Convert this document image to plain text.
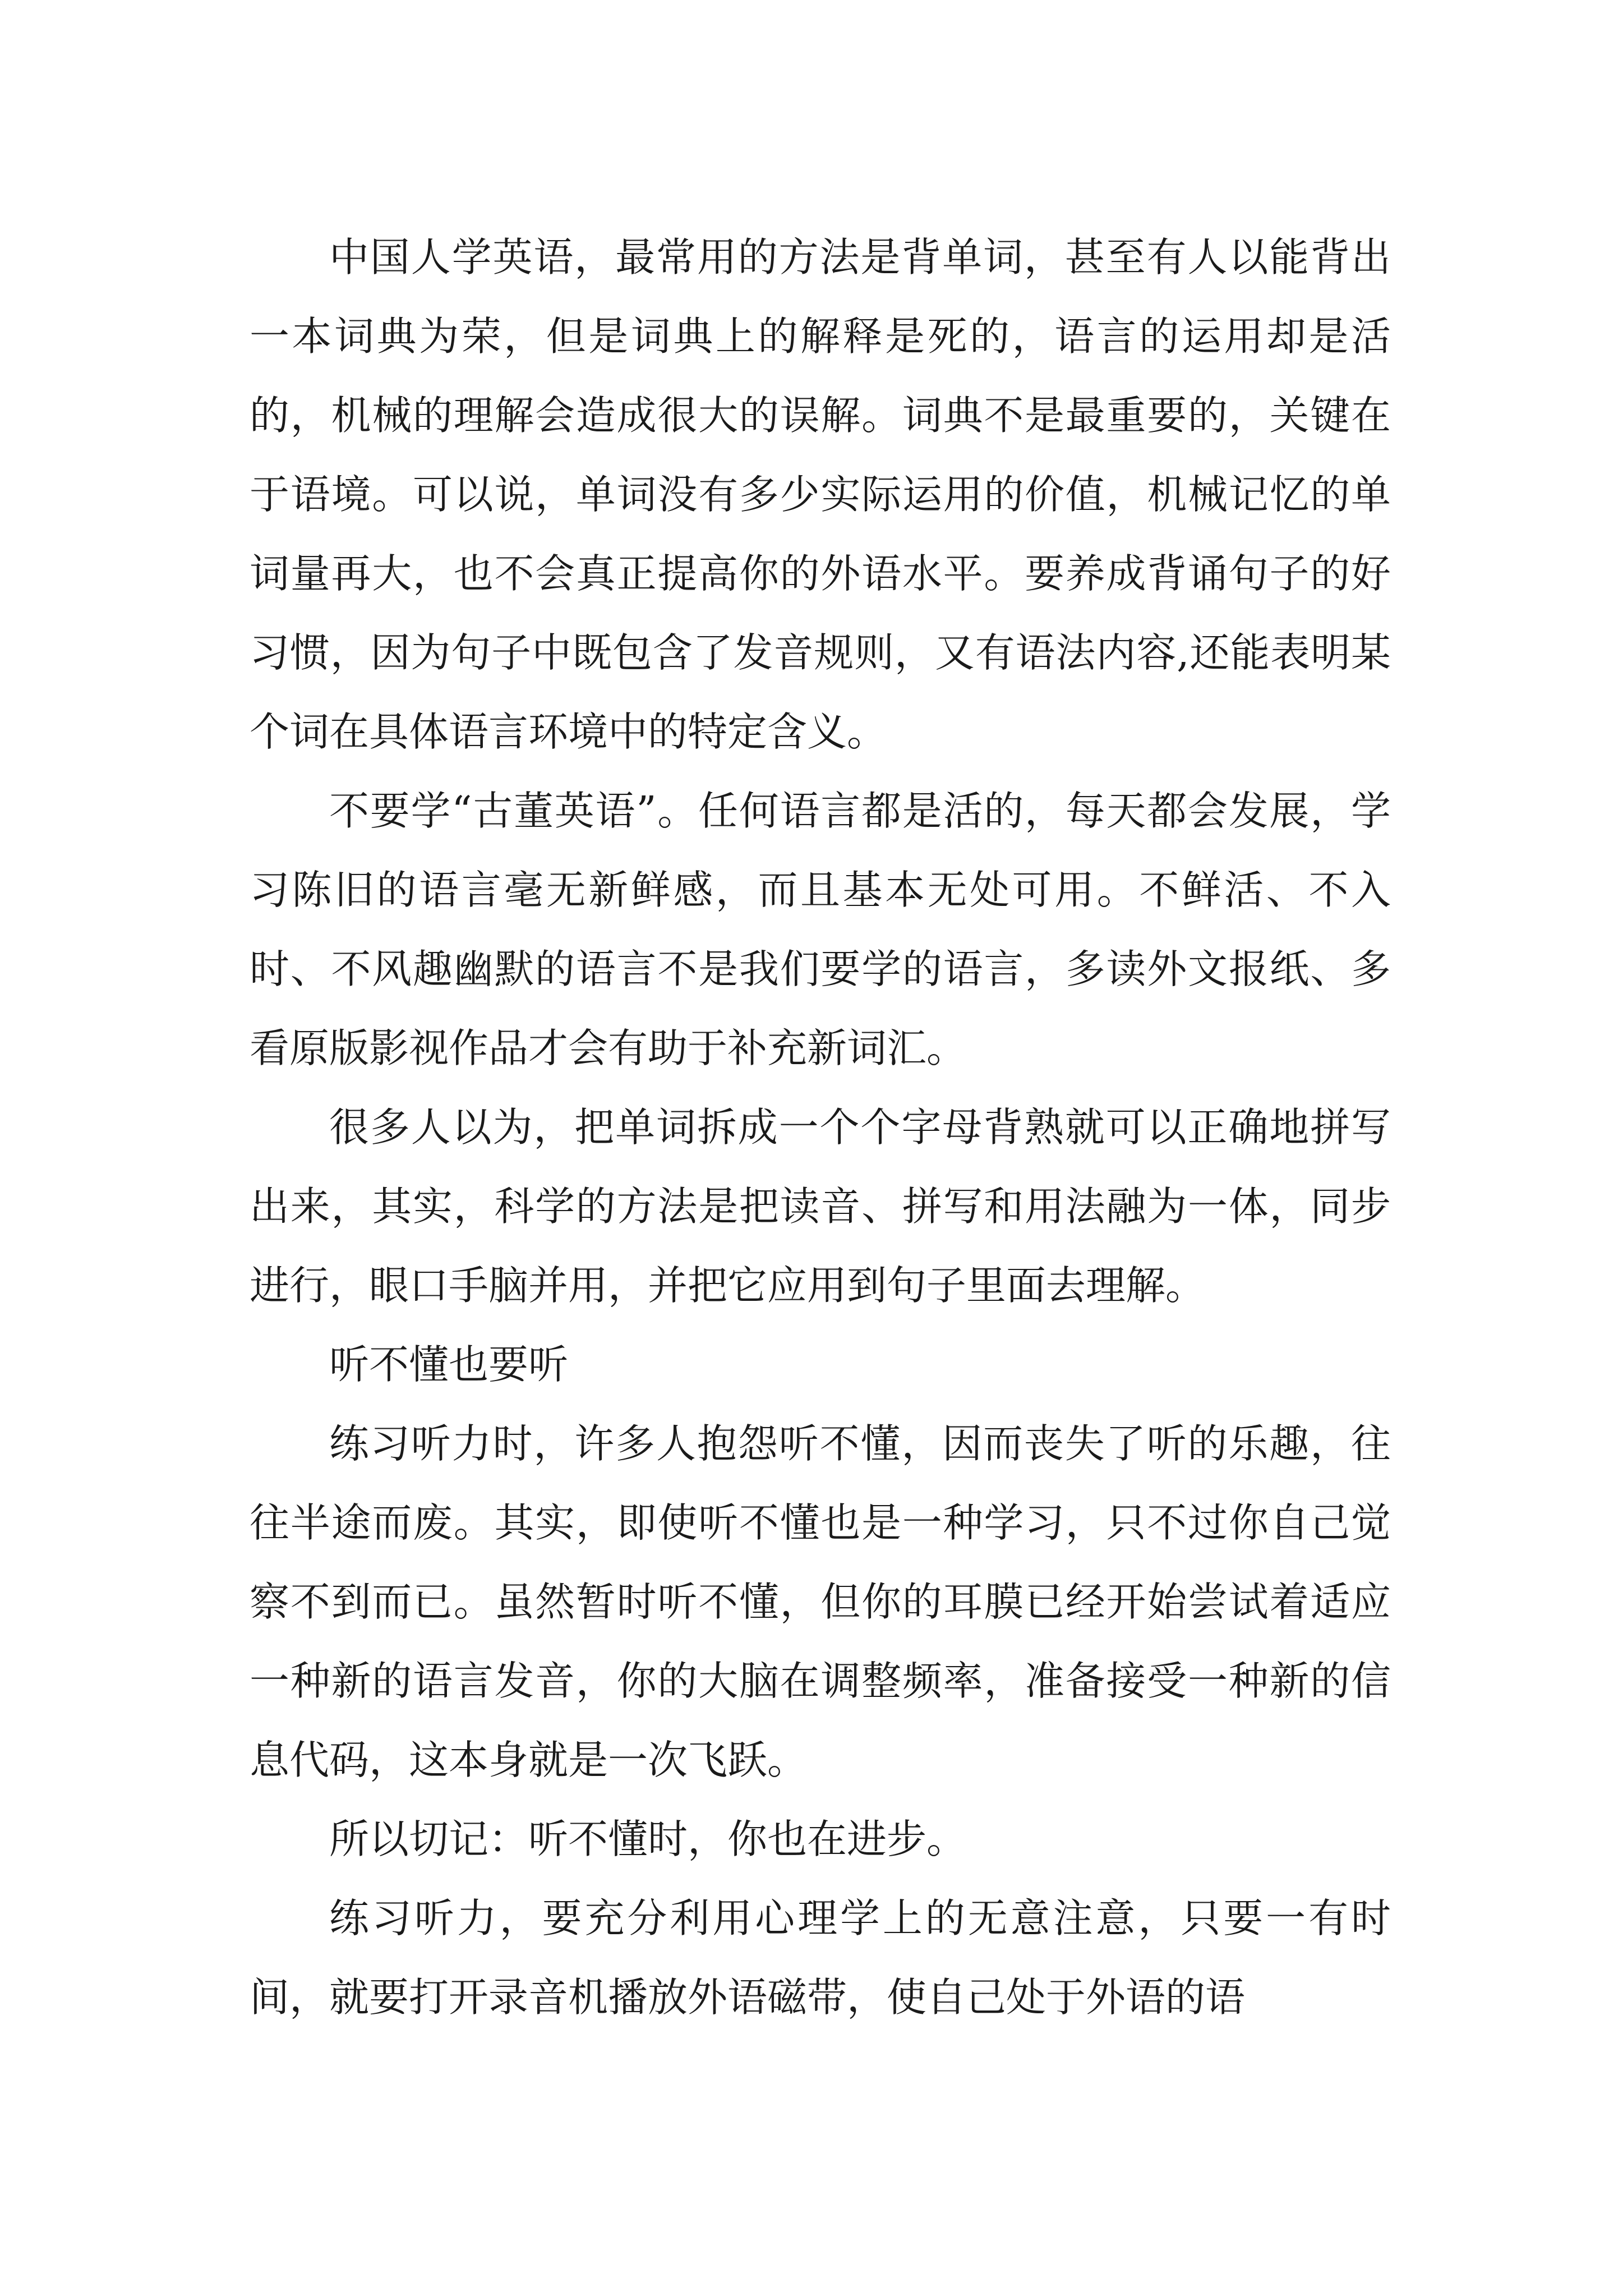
中国人学英语，最常用的方法是背单词，甚至有人以能背出一本词典为荣，但是词典上的解释是死的，语言的运用却是活的，机械的理解会造成很大的误解。词典不是最重要的，关键在于语境。可以说，单词没有多少实际运用的价值，机械记忆的单词量再大，也不会真正提高你的外语水平。要养成背诵句子的好习惯，因为句子中既包含了发音规则，又有语法内容,还能表明某个词在具体语言环境中的特定含义。

不要学“古董英语”。任何语言都是活的，每天都会发展，学习陈旧的语言毫无新鲜感，而且基本无处可用。不鲜活、不入时、不风趣幽默的语言不是我们要学的语言，多读外文报纸、多看原版影视作品才会有助于补充新词汇。

很多人以为，把单词拆成一个个字母背熟就可以正确地拼写出来，其实，科学的方法是把读音、拼写和用法融为一体，同步进行，眼口手脑并用，并把它应用到句子里面去理解。

听不懂也要听

练习听力时，许多人抱怨听不懂，因而丧失了听的乐趣，往往半途而废。其实，即使听不懂也是一种学习，只不过你自己觉察不到而已。虽然暂时听不懂，但你的耳膜已经开始尝试着适应一种新的语言发音，你的大脑在调整频率，准备接受一种新的信息代码，这本身就是一次飞跃。

所以切记：听不懂时，你也在进步。

练习听力，要充分利用心理学上的无意注意，只要一有时间，就要打开录音机播放外语磁带，使自己处于外语的语
